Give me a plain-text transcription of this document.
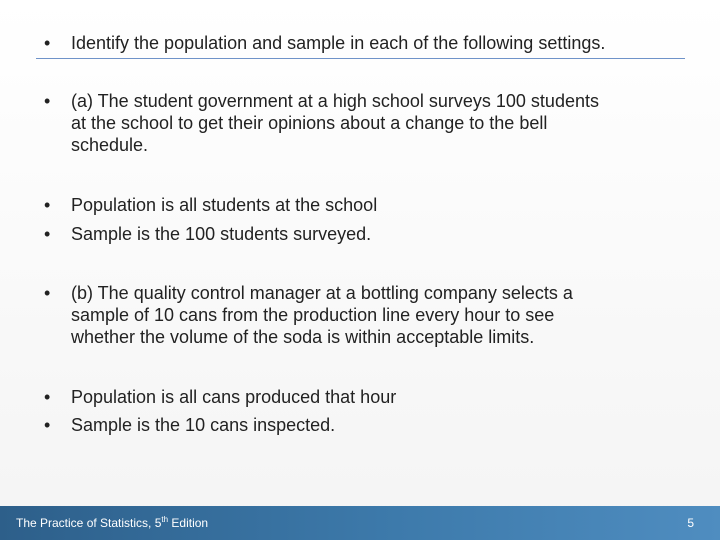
•	Identify the population and sample in each of the following settings.
•	(a) The student government at a high school surveys 100 students
at the school to get their opinions about a change to the bell
schedule.
•	Population is all students at the school
•	Sample is the 100 students surveyed.
•	(b) The quality control manager at a bottling company selects a
sample of 10 cans from the production line every hour to see
whether the volume of the soda is within acceptable limits.
•	Population is all cans produced that hour
•	Sample is the 10 cans inspected.
The Practice of Statistics, 5th Edition	5
